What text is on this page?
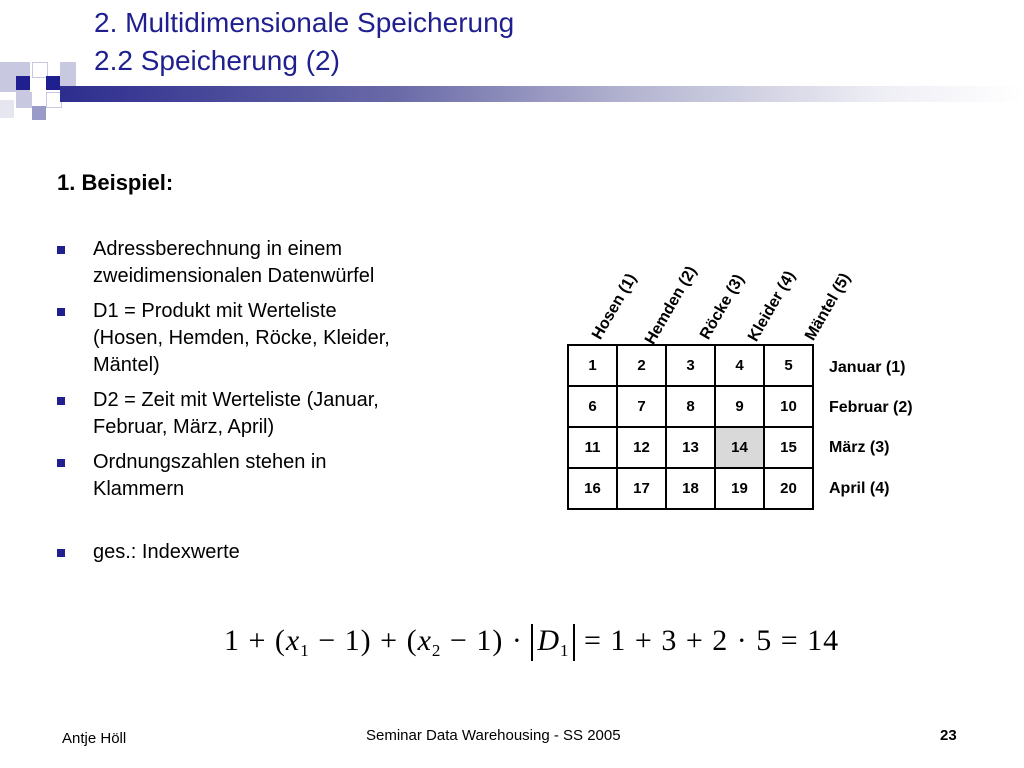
2. Multidimensionale Speicherung
2.2 Speicherung (2)
1. Beispiel:
Adressberechnung in einem
zweidimensionalen Datenwürfel
D1 = Produkt mit Werteliste
(Hosen, Hemden, Röcke, Kleider,
Mäntel)
D2 = Zeit mit Werteliste (Januar,
Februar, März, April)
Ordnungszahlen stehen in
Klammern
ges.: Indexwerte
Hosen (1) Hemden (2)
Röcke (3)
Kleider (4) Mäntel (5)
1	2	3	4	5
6	7	8	9	10
11	12	13	14	15
16	17	18	19	20
Januar (1)
Februar (2)
März (3)
April (4)
$1 + (x_1 - 1) + (x_2 - 1) \cdot D_1 = 1 + 3 + 2 \cdot 5 = 14$
Antje Höll	Seminar Data Warehousing - SS 2005	23
